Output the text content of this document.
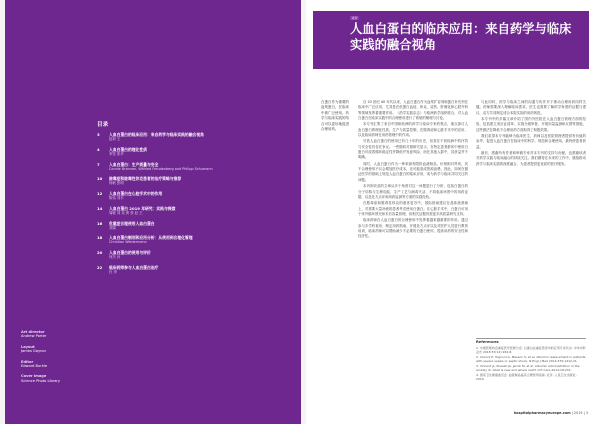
目录
3 人血白蛋白的临床应用：来自药学与临床实践的融合视角
赵莉 王
4 人血白蛋白的理化性质
李雪 张华
7 人血白蛋白：生产质量与安全
Connie Brannan, Wilfried Freudenberg and Philipp Schumann
10 脓毒症和脓毒性休克患者的治疗策略与推荐
杨帆 张明
12 人血白蛋白在心脏手术中的作用
陈伟 刘平
14 人血白蛋白 2019 年研究：实践与探索
周敏 刘 吴 黄 张 赵 王
16 危重症合理使用人血白蛋白
刘娟
18 人血白蛋白制剂和应用分析：从使用到合理化管理
Christian Wiedermann
20 人血白蛋白的使用与评价
何杰 孙
22 临床药师参与人血白蛋白治疗
杜 李
Art director
Andrew Porter
Layout
James Gaynor
Editor
Edward Burkle
Cover image
Science Photo Library
述评
人血白蛋白的临床应用：来自药学与临床实践的融合视角
白蛋白作为重要的血浆蛋白，在临床中被广泛使用，药学与临床实践的结合可以更好地促进合理用药。

自 20 世纪 40 年代以来，人血白蛋白作为血浆扩容剂和蛋白补充剂在临床中广泛应用，尤其是在低蛋白血症、休克、烧伤、肝硬化和心脏外科等领域发挥着重要作用。《药学实践杂志》与欧洲药学组织联合，对人血白蛋白在临床实践中的合理使用进行了系统的梳理与讨论。

本专刊汇集了来自中国和欧洲的药学与临床专家的观点，重点探讨人血白蛋白的理化性质、生产与质量控制、在脓毒症和心脏手术中的应用，以及临床药师在用药管理中的作用。

尽管人血白蛋白的使用已有几十年的历史，但其在不同疾病中的疗效与安全性仍存在争议。一些随机对照研究显示，在特定患者群体中使用白蛋白可改善循环稳定性并降低并发症风险，而在其他人群中，其获益并不明确。

同时，人血白蛋白作为一种来源有限的血液制品，价格相对昂贵，其不合理使用不仅会增加医疗成本，还可能造成资源浪费。因此，如何在循证医学的基础上规范人血白蛋白的临床应用，成为药学与临床共同关注的问题。

本刊所收录的文章从多个角度对这一问题进行了分析，包括白蛋白的分子结构与生理功能、生产工艺与病毒灭活、不同临床场景中的用药证据，以及处方点评和用药监测等方面的实践经验。

在脓毒症和脓毒性休克的液体复苏中，国际指南建议在晶体液基础上，对需要大量补液的患者考虑使用白蛋白。在心脏手术中，白蛋白可用于体外循环预充和术后容量管理，但相关证据仍需更多高质量研究支持。

临床药师在人血白蛋白的合理使用中发挥着越来越重要的作用。通过参与多学科查房、制定用药指南、开展处方点评以及对医护人员进行教育培训，临床药师可以帮助减少不必要的白蛋白使用，提高用药的安全性和经济性。

与此同时，药学与临床之间的沟通与协作对于推动合理用药同样关键。药师需要深入理解临床需求，医生也需要了解药学角度的证据与建议，双方共同制定适合本院实际的用药规范。

本专刊中的多篇文章介绍了国内外医院在人血白蛋白管理方面的经验，包括建立适应证清单、实施分级审批、开展用量监测和反馈等措施，这些做法在降低不合理用药方面取得了积极效果。

我们希望本专刊能够为临床医生、药师以及医院管理者提供有价值的参考，促进人血白蛋白在临床中的科学、规范和合理使用，最终使患者获益。

最后，感谢所有作者和审稿专家对本专刊的支持与贡献，也感谢读者对药学实践与临床融合的持续关注。我们期待在未来的工作中，继续推动药学与临床实践的深度融合，为患者提供更优质的医疗服务。

References
1. 中国医师协会重症医学医师分会. 白蛋白在重症患者中的应用专家共识. 中华内科杂志 2018;57(12):932-8.
2. Caironi P, Tognoni G, Masson S, et al. Albumin replacement in patients with severe sepsis or septic shock. N Engl J Med 2014;370:1412-21.
3. Vincent JL, Russell JA, Jacob M, et al. Albumin administration in the acutely ill: what is new and where next? Crit Care 2014;18:231.
4. 国家卫生健康委员会. 血液制品临床合理使用指南. 北京: 人民卫生出版社, 2019.
hospitalpharmacyeurope.com | 2019 | 3
